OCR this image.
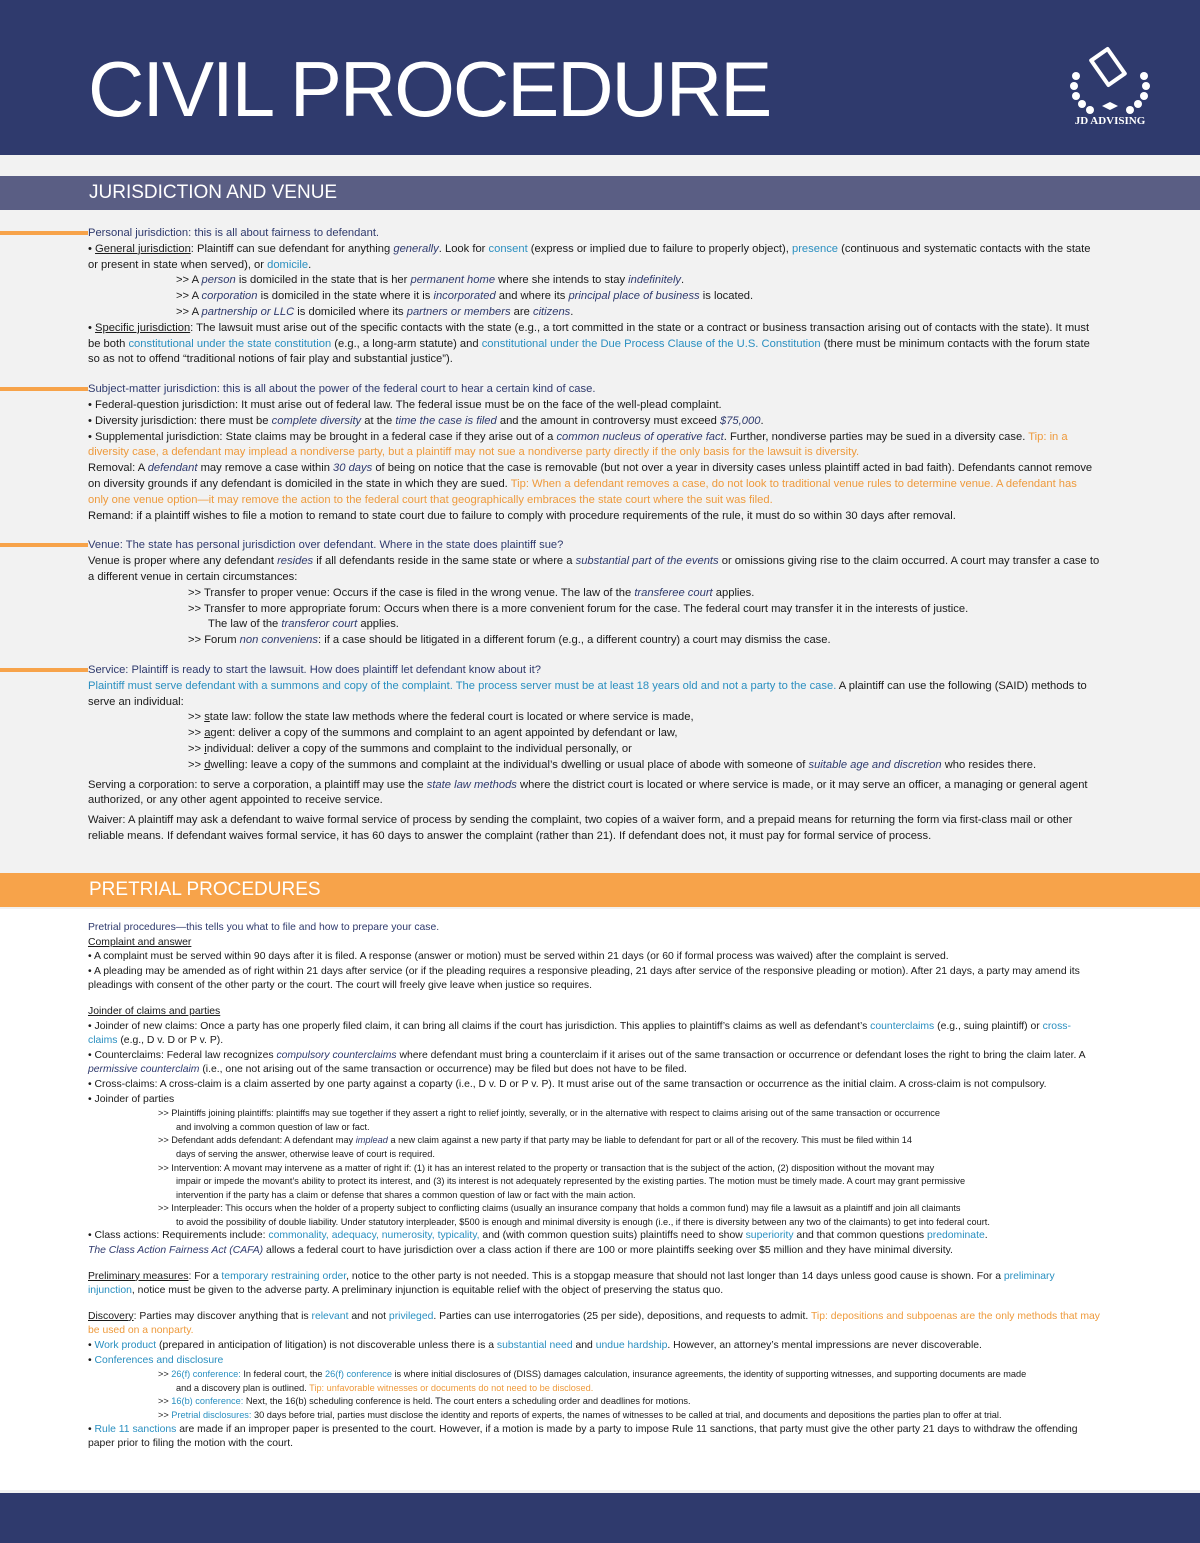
CIVIL PROCEDURE	JD ADVISING
JURISDICTION AND VENUE

Personal jurisdiction: this is all about fairness to defendant.

• General jurisdiction: Plaintiff can sue defendant for anything generally. Look for consent (express or implied due to failure to properly object), presence (continuous and systematic contacts with the state or present in state when served), or domicile.

>> A person is domiciled in the state that is her permanent home where she intends to stay indefinitely.

>> A corporation is domiciled in the state where it is incorporated and where its principal place of business is located.

>> A partnership or LLC is domiciled where its partners or members are citizens.

• Specific jurisdiction: The lawsuit must arise out of the specific contacts with the state (e.g., a tort committed in the state or a contract or business transaction arising out of contacts with the state). It must be both constitutional under the state constitution (e.g., a long-arm statute) and constitutional under the Due Process Clause of the U.S. Constitution (there must be minimum contacts with the forum state so as not to offend “traditional notions of fair play and substantial justice”).

Subject-matter jurisdiction: this is all about the power of the federal court to hear a certain kind of case.

• Federal-question jurisdiction: It must arise out of federal law. The federal issue must be on the face of the well-plead complaint.

• Diversity jurisdiction: there must be complete diversity at the time the case is filed and the amount in controversy must exceed $75,000.

• Supplemental jurisdiction: State claims may be brought in a federal case if they arise out of a common nucleus of operative fact. Further, nondiverse parties may be sued in a diversity case. Tip: in a diversity case, a defendant may implead a nondiverse party, but a plaintiff may not sue a nondiverse party directly if the only basis for the lawsuit is diversity.

Removal: A defendant may remove a case within 30 days of being on notice that the case is removable (but not over a year in diversity cases unless plaintiff acted in bad faith). Defendants cannot remove on diversity grounds if any defendant is domiciled in the state in which they are sued. Tip: When a defendant removes a case, do not look to traditional venue rules to determine venue. A defendant has only one venue option—it may remove the action to the federal court that geographically embraces the state court where the suit was filed.

Remand: if a plaintiff wishes to file a motion to remand to state court due to failure to comply with procedure requirements of the rule, it must do so within 30 days after removal.

Venue: The state has personal jurisdiction over defendant. Where in the state does plaintiff sue?

Venue is proper where any defendant resides if all defendants reside in the same state or where a substantial part of the events or omissions giving rise to the claim occurred. A court may transfer a case to a different venue in certain circumstances:

>> Transfer to proper venue: Occurs if the case is filed in the wrong venue. The law of the transferee court applies.

>> Transfer to more appropriate forum: Occurs when there is a more convenient forum for the case. The federal court may transfer it in the interests of justice.

The law of the transferor court applies.

>> Forum non conveniens: if a case should be litigated in a different forum (e.g., a different country) a court may dismiss the case.

Service: Plaintiff is ready to start the lawsuit. How does plaintiff let defendant know about it?

Plaintiff must serve defendant with a summons and copy of the complaint. The process server must be at least 18 years old and not a party to the case. A plaintiff can use the following (SAID) methods to serve an individual:

>> state law: follow the state law methods where the federal court is located or where service is made,

>> agent: deliver a copy of the summons and complaint to an agent appointed by defendant or law,

>> individual: deliver a copy of the summons and complaint to the individual personally, or

>> dwelling: leave a copy of the summons and complaint at the individual’s dwelling or usual place of abode with someone of suitable age and discretion who resides there.

Serving a corporation: to serve a corporation, a plaintiff may use the state law methods where the district court is located or where service is made, or it may serve an officer, a managing or general agent authorized, or any other agent appointed to receive service.

Waiver: A plaintiff may ask a defendant to waive formal service of process by sending the complaint, two copies of a waiver form, and a prepaid means for returning the form via first-class mail or other reliable means. If defendant waives formal service, it has 60 days to answer the complaint (rather than 21). If defendant does not, it must pay for formal service of process.

PRETRIAL PROCEDURES

Pretrial procedures—this tells you what to file and how to prepare your case.

Complaint and answer

• A complaint must be served within 90 days after it is filed. A response (answer or motion) must be served within 21 days (or 60 if formal process was waived) after the complaint is served.

• A pleading may be amended as of right within 21 days after service (or if the pleading requires a responsive pleading, 21 days after service of the responsive pleading or motion). After 21 days, a party may amend its pleadings with consent of the other party or the court. The court will freely give leave when justice so requires.

Joinder of claims and parties

• Joinder of new claims: Once a party has one properly filed claim, it can bring all claims if the court has jurisdiction. This applies to plaintiff’s claims as well as defendant’s counterclaims (e.g., suing plaintiff) or cross-claims (e.g., D v. D or P v. P).

• Counterclaims: Federal law recognizes compulsory counterclaims where defendant must bring a counterclaim if it arises out of the same transaction or occurrence or defendant loses the right to bring the claim later. A permissive counterclaim (i.e., one not arising out of the same transaction or occurrence) may be filed but does not have to be filed.

• Cross-claims: A cross-claim is a claim asserted by one party against a coparty (i.e., D v. D or P v. P). It must arise out of the same transaction or occurrence as the initial claim. A cross-claim is not compulsory.

• Joinder of parties

>> Plaintiffs joining plaintiffs: plaintiffs may sue together if they assert a right to relief jointly, severally, or in the alternative with respect to claims arising out of the same transaction or occurrence

and involving a common question of law or fact.

>> Defendant adds defendant: A defendant may implead a new claim against a new party if that party may be liable to defendant for part or all of the recovery. This must be filed within 14

days of serving the answer, otherwise leave of court is required.

>> Intervention: A movant may intervene as a matter of right if: (1) it has an interest related to the property or transaction that is the subject of the action, (2) disposition without the movant may

impair or impede the movant’s ability to protect its interest, and (3) its interest is not adequately represented by the existing parties. The motion must be timely made. A court may grant permissive

intervention if the party has a claim or defense that shares a common question of law or fact with the main action.

>> Interpleader: This occurs when the holder of a property subject to conflicting claims (usually an insurance company that holds a common fund) may file a lawsuit as a plaintiff and join all claimants

to avoid the possibility of double liability. Under statutory interpleader, $500 is enough and minimal diversity is enough (i.e., if there is diversity between any two of the claimants) to get into federal court.

• Class actions: Requirements include: commonality, adequacy, numerosity, typicality, and (with common question suits) plaintiffs need to show superiority and that common questions predominate.

The Class Action Fairness Act (CAFA) allows a federal court to have jurisdiction over a class action if there are 100 or more plaintiffs seeking over $5 million and they have minimal diversity.

Preliminary measures: For a temporary restraining order, notice to the other party is not needed. This is a stopgap measure that should not last longer than 14 days unless good cause is shown. For a preliminary injunction, notice must be given to the adverse party. A preliminary injunction is equitable relief with the object of preserving the status quo.

Discovery: Parties may discover anything that is relevant and not privileged. Parties can use interrogatories (25 per side), depositions, and requests to admit. Tip: depositions and subpoenas are the only methods that may be used on a nonparty.

• Work product (prepared in anticipation of litigation) is not discoverable unless there is a substantial need and undue hardship. However, an attorney’s mental impressions are never discoverable.

• Conferences and disclosure

>> 26(f) conference: In federal court, the 26(f) conference is where initial disclosures of (DISS) damages calculation, insurance agreements, the identity of supporting witnesses, and supporting documents are made

and a discovery plan is outlined. Tip: unfavorable witnesses or documents do not need to be disclosed.

>> 16(b) conference: Next, the 16(b) scheduling conference is held. The court enters a scheduling order and deadlines for motions.

>> Pretrial disclosures: 30 days before trial, parties must disclose the identity and reports of experts, the names of witnesses to be called at trial, and documents and depositions the parties plan to offer at trial.

• Rule 11 sanctions are made if an improper paper is presented to the court. However, if a motion is made by a party to impose Rule 11 sanctions, that party must give the other party 21 days to withdraw the offending paper prior to filing the motion with the court.
